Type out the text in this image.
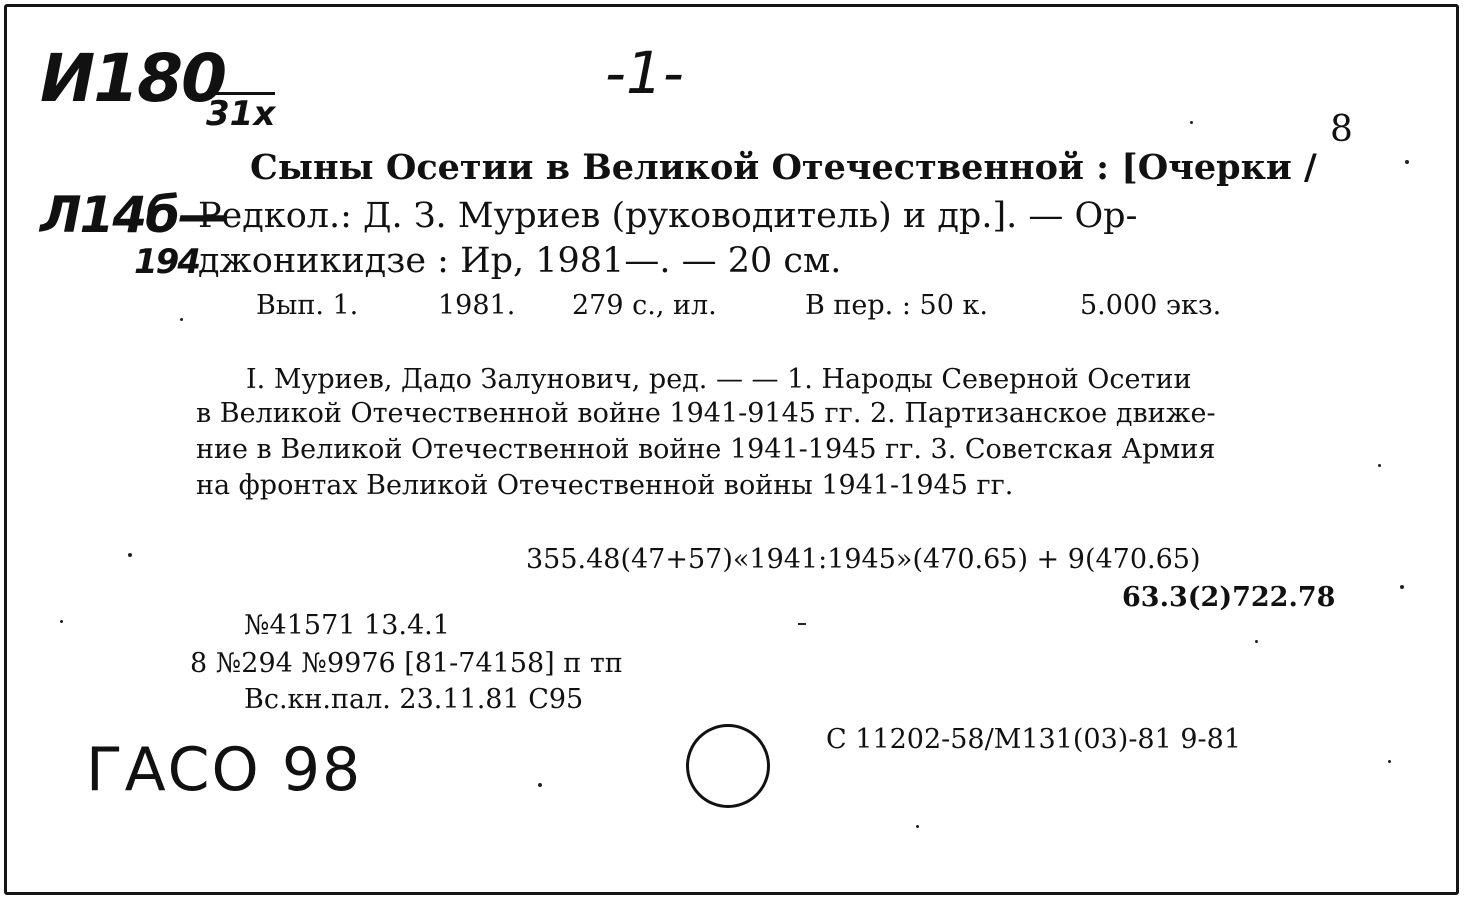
И180
31х
-1-
Л14б—
194
ГАСО 98
8
Сыны Осетии в Великой Отечественной : [Очерки /
Редкол.: Д. З. Муриев (руководитель) и др.]. — Ор-
джоникидзе : Ир, 1981—. — 20 см.
Вып. 1.	1981. 279 с., ил.	В пер. : 50 к.	5.000 экз.
I. Муриев, Дадо Залунович, ред. — — 1. Народы Северной Осетии
в Великой Отечественной войне 1941-9145 гг. 2. Партизанское движе-
ние в Великой Отечественной войне 1941-1945 гг. 3. Советская Армия
на фронтах Великой Отечественной войны 1941-1945 гг.
355.48(47+57)«1941:1945»(470.65) + 9(470.65)
63.3(2)722.78
№41571 13.4.1
8 №294 №9976 [81-74158] п тп
Вс.кн.пал. 23.11.81 С95
С 11202-58/М131(03)-81 9-81
